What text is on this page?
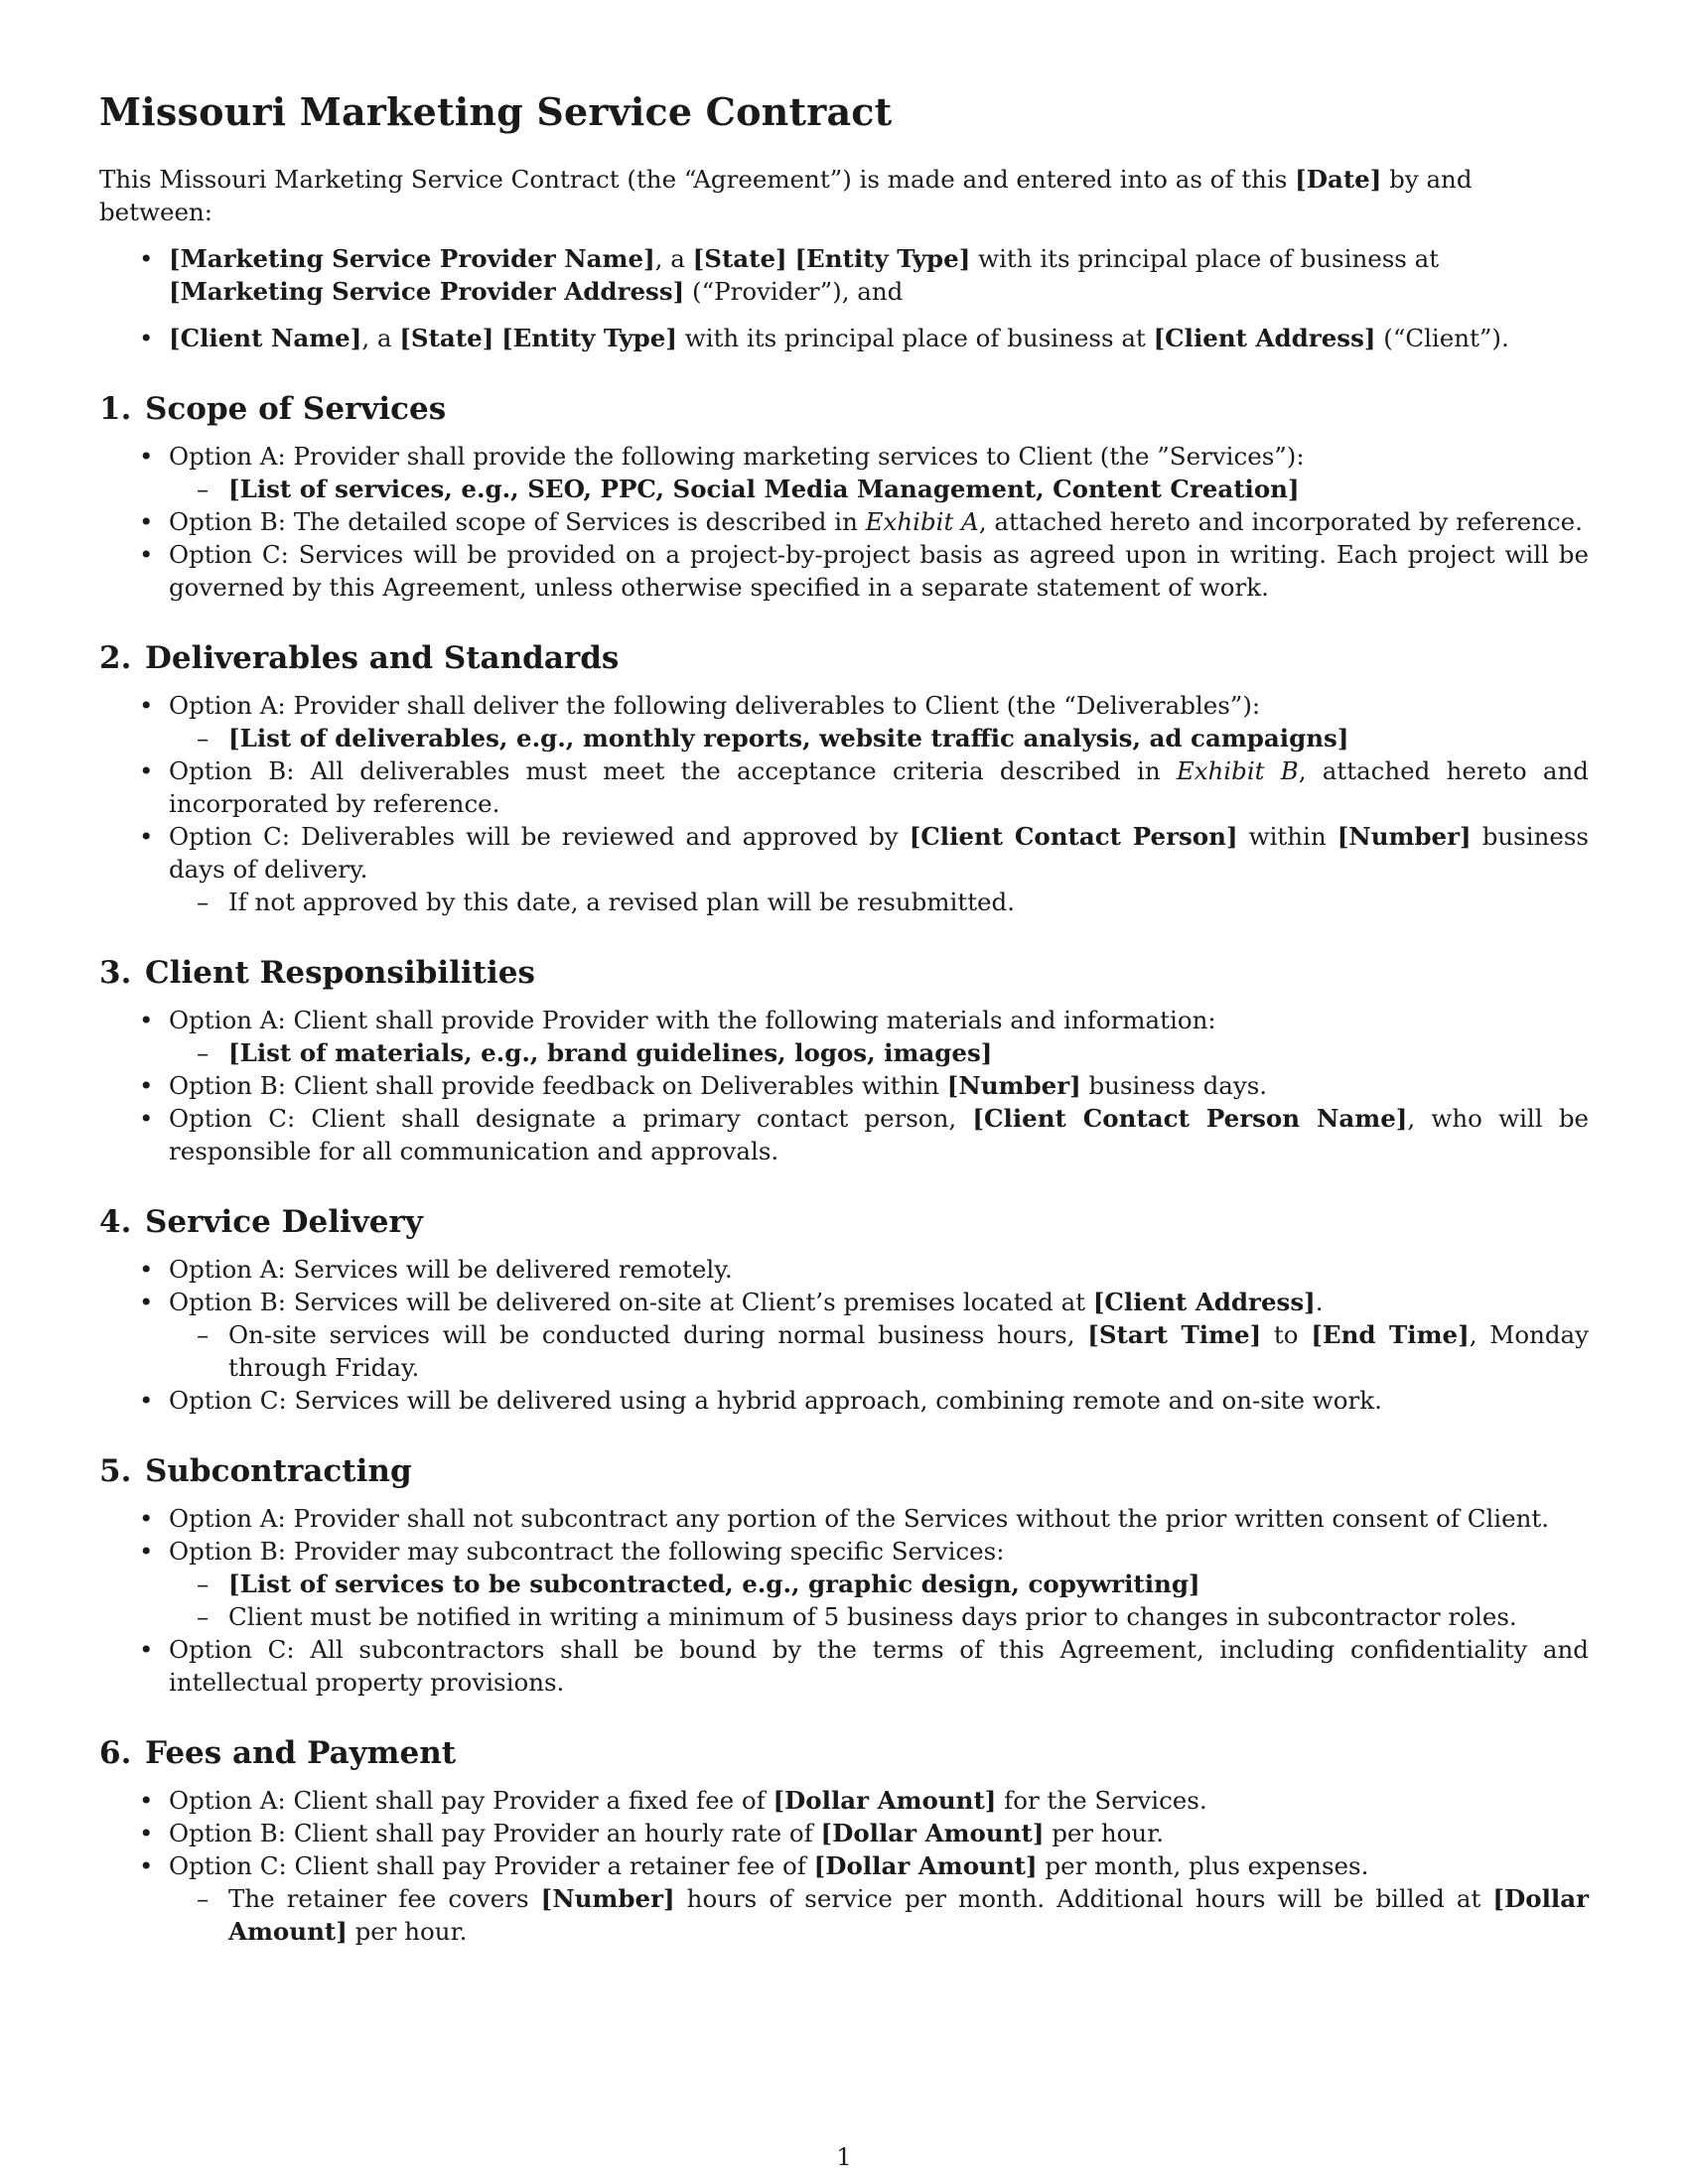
Missouri Marketing Service Contract

This Missouri Marketing Service Contract (the “Agreement”) is made and entered into as of this [Date] by and between:

• [Marketing Service Provider Name], a [State] [Entity Type] with its principal place of business at [Marketing Service Provider Address] (“Provider”), and
• [Client Name], a [State] [Entity Type] with its principal place of business at [Client Address] (“Client”).
1. Scope of Services
• Option A: Provider shall provide the following marketing services to Client (the ”Services”):
– [List of services, e.g., SEO, PPC, Social Media Management, Content Creation]
• Option B: The detailed scope of Services is described in Exhibit A, attached hereto and incorporated by reference.
• Option C: Services will be provided on a project-by-project basis as agreed upon in writing. Each project will be governed by this Agreement, unless otherwise specified in a separate statement of work.
2. Deliverables and Standards
• Option A: Provider shall deliver the following deliverables to Client (the “Deliverables”):
– [List of deliverables, e.g., monthly reports, website traffic analysis, ad campaigns]
• Option B: All deliverables must meet the acceptance criteria described in Exhibit B, attached hereto and incorporated by reference.
• Option C: Deliverables will be reviewed and approved by [Client Contact Person] within [Number] business days of delivery.
– If not approved by this date, a revised plan will be resubmitted.
3. Client Responsibilities
• Option A: Client shall provide Provider with the following materials and information:
– [List of materials, e.g., brand guidelines, logos, images]
• Option B: Client shall provide feedback on Deliverables within [Number] business days.
• Option C: Client shall designate a primary contact person, [Client Contact Person Name], who will be responsible for all communication and approvals.
4. Service Delivery
• Option A: Services will be delivered remotely.
• Option B: Services will be delivered on-site at Client’s premises located at [Client Address].
– On-site services will be conducted during normal business hours, [Start Time] to [End Time], Monday through Friday.
• Option C: Services will be delivered using a hybrid approach, combining remote and on-site work.
5. Subcontracting
• Option A: Provider shall not subcontract any portion of the Services without the prior written consent of Client.
• Option B: Provider may subcontract the following specific Services:
– [List of services to be subcontracted, e.g., graphic design, copywriting]
– Client must be notified in writing a minimum of 5 business days prior to changes in subcontractor roles.
• Option C: All subcontractors shall be bound by the terms of this Agreement, including confidentiality and intellectual property provisions.
6. Fees and Payment
• Option A: Client shall pay Provider a fixed fee of [Dollar Amount] for the Services.
• Option B: Client shall pay Provider an hourly rate of [Dollar Amount] per hour.
• Option C: Client shall pay Provider a retainer fee of [Dollar Amount] per month, plus expenses.
– The retainer fee covers [Number] hours of service per month. Additional hours will be billed at [Dollar Amount] per hour.
1
